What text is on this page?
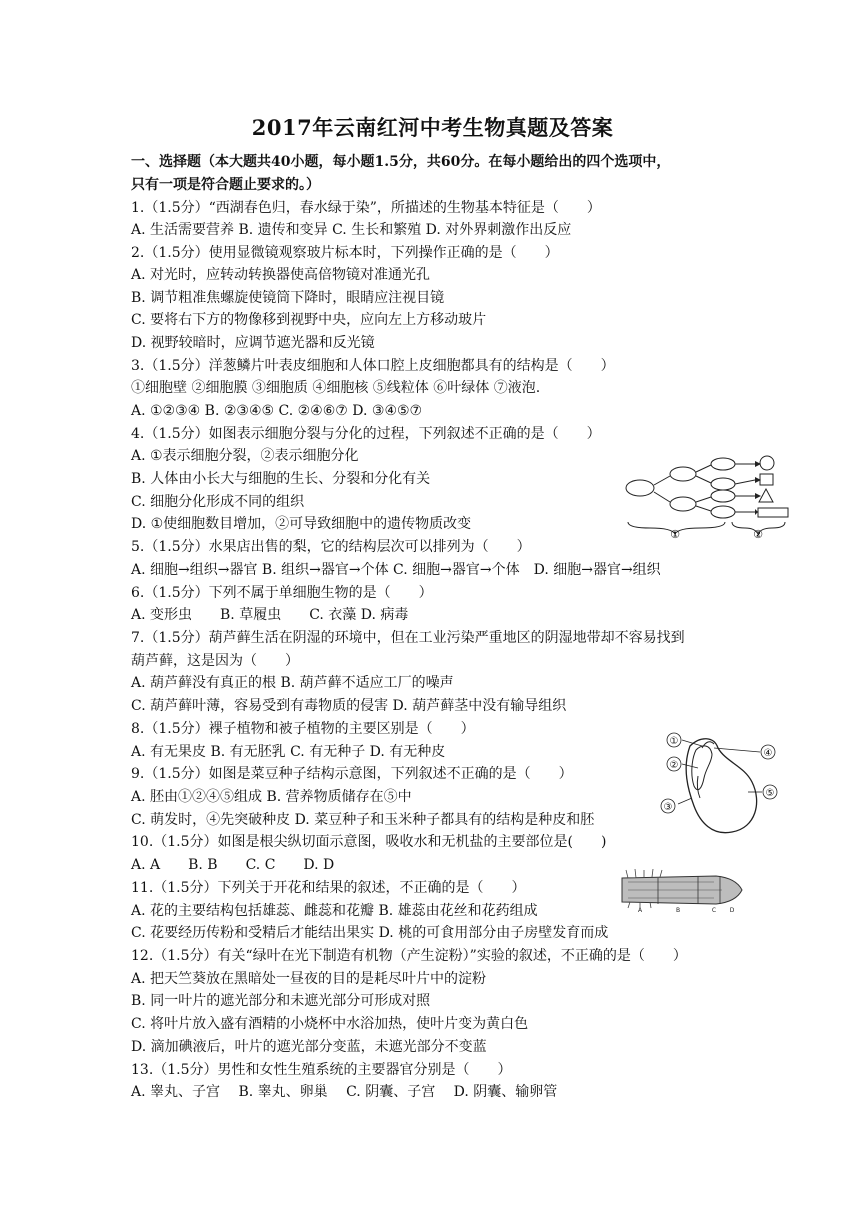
2017年云南红河中考生物真题及答案
一、选择题（本大题共40小题，每小题1.5分，共60分。在每小题给出的四个选项中，
只有一项是符合题止要求的。）
1.（1.5分）“西湖春色归，春水绿于染”，所描述的生物基本特征是（　　）
A. 生活需要营养 B. 遗传和变异 C. 生长和繁殖 D. 对外界刺激作出反应
2.（1.5分）使用显微镜观察玻片标本时，下列操作正确的是（　　）
A. 对光时，应转动转换器使高倍物镜对准通光孔
B. 调节粗准焦螺旋使镜筒下降时，眼睛应注视目镜
C. 要将右下方的物像移到视野中央，应向左上方移动玻片
D. 视野较暗时，应调节遮光器和反光镜
3.（1.5分）洋葱鳞片叶表皮细胞和人体口腔上皮细胞都具有的结构是（　　）
①细胞壁 ②细胞膜 ③细胞质 ④细胞核 ⑤线粒体 ⑥叶绿体 ⑦液泡.
A. ①②③④ B. ②③④⑤ C. ②④⑥⑦ D. ③④⑤⑦
4.（1.5分）如图表示细胞分裂与分化的过程，下列叙述不正确的是（　　）
A. ①表示细胞分裂，②表示细胞分化
B. 人体由小长大与细胞的生长、分裂和分化有关
C. 细胞分化形成不同的组织
D. ①使细胞数目增加，②可导致细胞中的遗传物质改变
5.（1.5分）水果店出售的梨，它的结构层次可以排列为（　　）
A. 细胞→组织→器官 B. 组织→器官→个体 C. 细胞→器官→个体　D. 细胞→器官→组织
6.（1.5分）下列不属于单细胞生物的是（　　）
A. 变形虫　　B. 草履虫　　C. 衣藻 D. 病毒
7.（1.5分）葫芦藓生活在阴湿的环境中，但在工业污染严重地区的阴湿地带却不容易找到
葫芦藓，这是因为（　　）
A. 葫芦藓没有真正的根 B. 葫芦藓不适应工厂的噪声
C. 葫芦藓叶薄，容易受到有毒物质的侵害 D. 葫芦藓茎中没有输导组织
8.（1.5分）裸子植物和被子植物的主要区别是（　　）
A. 有无果皮 B. 有无胚乳 C. 有无种子 D. 有无种皮
9.（1.5分）如图是菜豆种子结构示意图，下列叙述不正确的是（　　）
A. 胚由①②④⑤组成 B. 营养物质储存在⑤中
C. 萌发时，④先突破种皮 D. 菜豆种子和玉米种子都具有的结构是种皮和胚
10.（1.5分）如图是根尖纵切面示意图，吸收水和无机盐的主要部位是(　　)
A. A　　B. B　　C. C　　D. D
11.（1.5分）下列关于开花和结果的叙述，不正确的是（　　）
A. 花的主要结构包括雄蕊、雌蕊和花瓣 B. 雄蕊由花丝和花药组成
C. 花要经历传粉和受精后才能结出果实 D. 桃的可食用部分由子房壁发育而成
12.（1.5分）有关“绿叶在光下制造有机物（产生淀粉）”实验的叙述，不正确的是（　　）
A. 把天竺葵放在黑暗处一昼夜的目的是耗尽叶片中的淀粉
B. 同一叶片的遮光部分和未遮光部分可形成对照
C. 将叶片放入盛有酒精的小烧杯中水浴加热，使叶片变为黄白色
D. 滴加碘液后，叶片的遮光部分变蓝，未遮光部分不变蓝
13.（1.5分）男性和女性生殖系统的主要器官分别是（　　）
A. 睾丸、子宫　 B. 睾丸、卵巢　 C. 阴囊、子宫　 D. 阴囊、输卵管
①	②
①
②
③
④
⑤
A	B	C D
